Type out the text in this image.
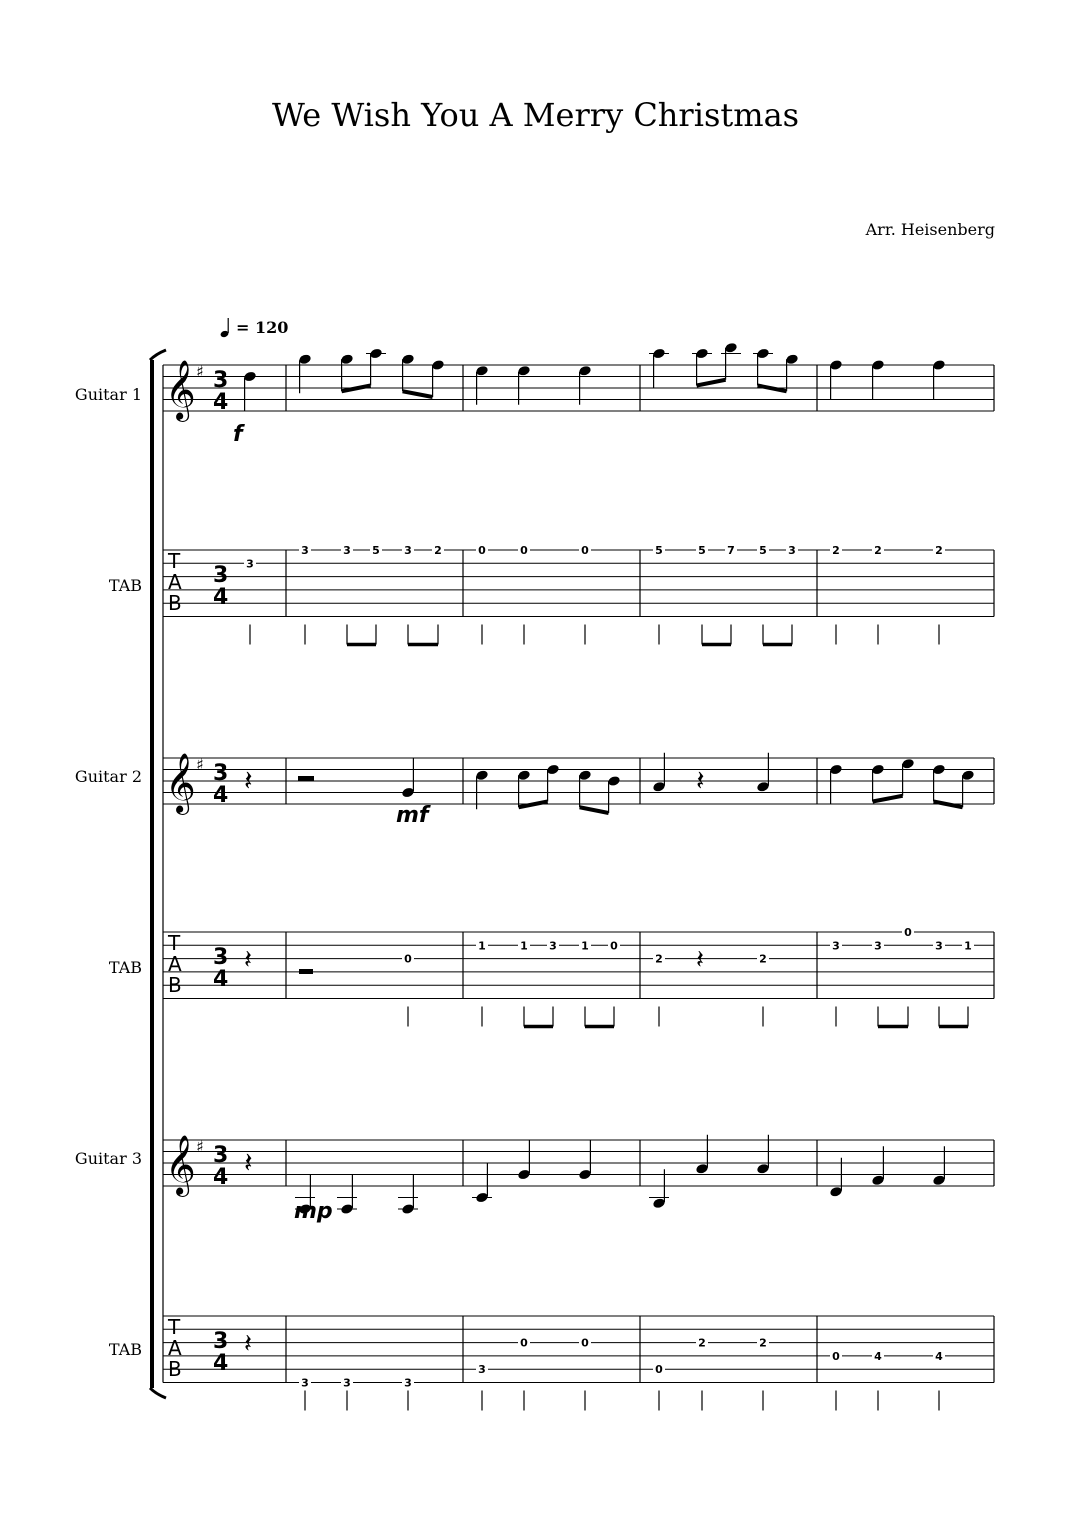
We Wish You A Merry Christmas
Arr. Heisenberg
= 120
Guitar 1
TAB
Guitar 2
TAB
Guitar 3
TAB
𝄞 ♯ 3
4
𝄞 ♯ 3
4
𝄞 ♯ 3
4
T
A
B
3
4
T
A
B
3
4
T
A
B
3
4
f
𝄽	𝄽
mf
𝄽
mp
3
3	3 5 3 2	0	0	0	5	5 7 5 3	2	2	2
0
1	1 3 1 0
2	2
3	3
0
3 1
3	3	3
3
0	0
0
2	2
0	4	4
𝄽
𝄽
𝄽
